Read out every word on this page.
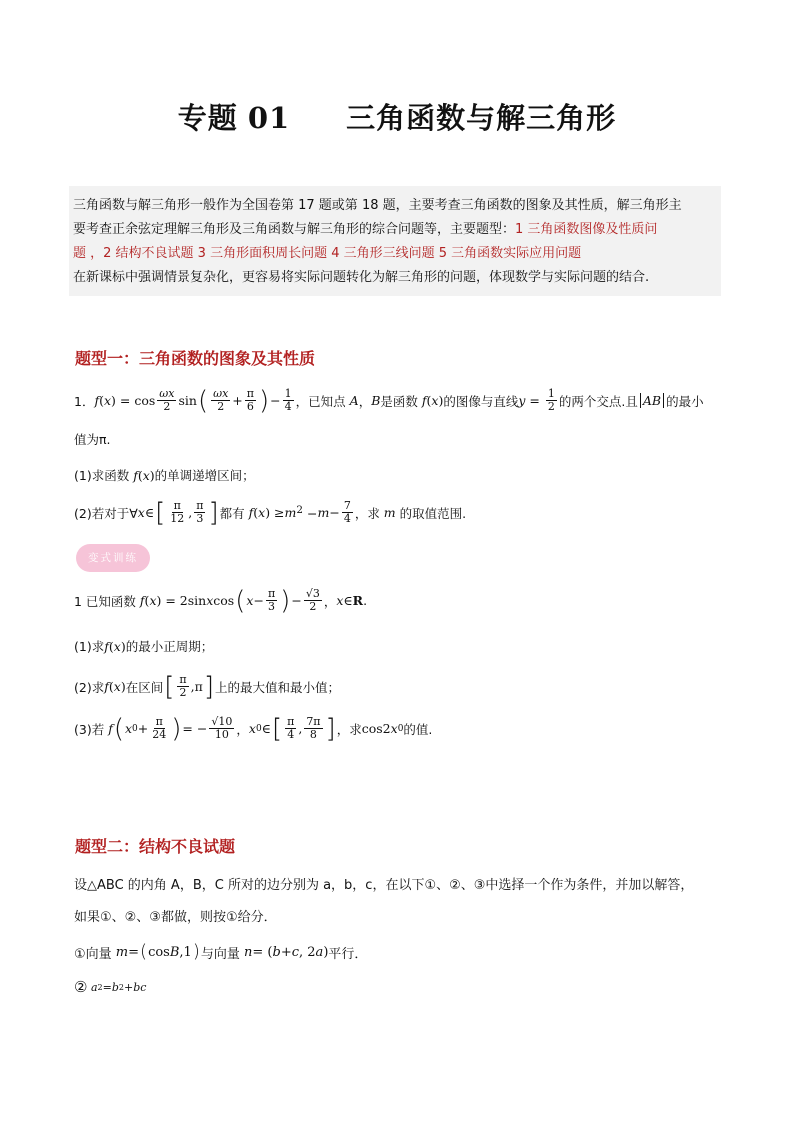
专题 01 三角函数与解三角形
三角函数与解三角形一般作为全国卷第 17 题或第 18 题，主要考查三角函数的图象及其性质，解三角形主
要考查正余弦定理解三角形及三角函数与解三角形的综合问题等，主要题型：1 三角函数图像及性质问
题 ，2 结构不良试题 3 三角形面积周长问题 4 三角形三线问题 5 三角函数实际应用问题
在新课标中强调情景复杂化，更容易将实际问题转化为解三角形的问题，体现数学与实际问题的结合.
题型一：三角函数的图象及其性质
1． f ( x ) = $\cos \frac{\omega x}{2}$ sin ( $\frac{\omega x}{2} + \frac{\pi}{6}$ ) − $\frac{1}{4}$ ，已知点 A ， B 是函数 f ( x ) 的图像与直线 $y = \frac{1}{2}$ 的两个交点.且 AB 的最小
值为π.
(1)求函数 f ( x ) 的单调递增区间；
(2)若对于∀ x ∈ [ $\frac{\pi}{12}$ , $\frac{\pi}{3}$ ] 都有 f ( x ) ≥ m $^2 - m - \frac{7}{4}$ ，求 m 的取值范围.
变式训练
1 已知函数 f ( x ) = 2sin x cos ( $x - \frac{\pi}{3}$ ) − $\frac{√3}{2}$ ， x ∈ R .
(1)求 f ( x ) 的最小正周期；
(2)求 f ( x ) 在区间 [ $\frac{\pi}{2} ,\pi$ ] 上的最大值和最小值；
(3)若 f ( x $0 + \frac{\pi}{24}$ ) = − $\frac{√10}{10}$ ， x 0 ∈ [ $\frac{\pi}{4}$ , $\frac{7\pi}{8}$ ] ，求 cos2 x 0 的值.
题型二：结构不良试题
设△ABC 的内角 A，B，C 所对的边分别为 a，b，c，在以下①、②、③中选择一个作为条件，并加以解答，
如果①、②、③都做，则按①给分．
①向量 m = ( cos B ,1 ) 与向量 n = ( b + c , 2 a ) 平行．
② a 2 = b 2 + bc
